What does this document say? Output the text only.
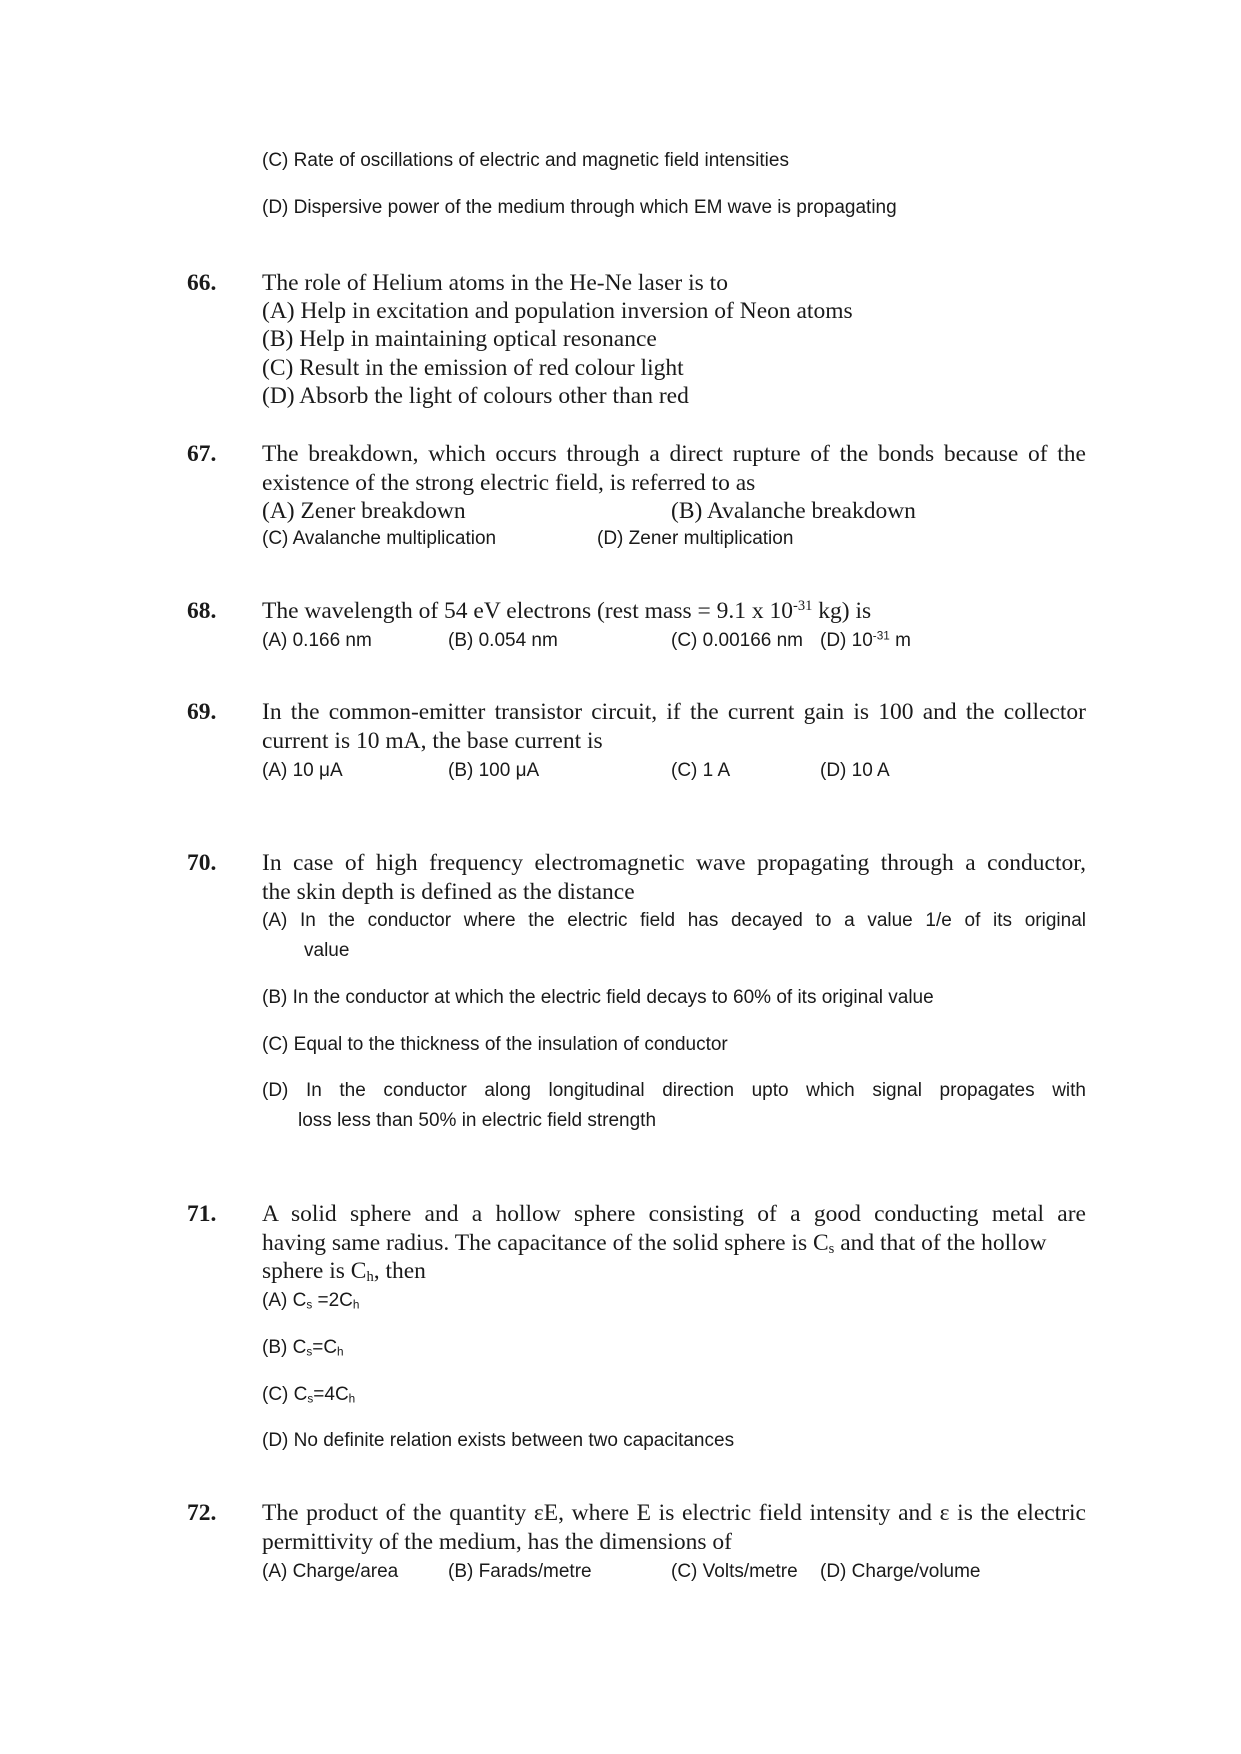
(C) Rate of oscillations of electric and magnetic field intensities
(D) Dispersive power of the medium through which EM wave is propagating
66. The role of Helium atoms in the He-Ne laser is to
(A) Help in excitation and population inversion of Neon atoms
(B) Help in maintaining optical resonance
(C) Result in the emission of red colour light
(D) Absorb the light of colours other than red
67. The breakdown, which occurs through a direct rupture of the bonds because of the
existence of the strong electric field, is referred to as
(A) Zener breakdown	(B) Avalanche breakdown
(C) Avalanche multiplication	(D) Zener multiplication
68. The wavelength of 54 eV electrons (rest mass = 9.1 x $10^{-31}$ kg) is
(A) 0.166 nm	(B) 0.054 nm	(C) 0.00166 nm (D) $10^{-31}$ m
69. In the common-emitter transistor circuit, if the current gain is 100 and the collector
current is 10 mA, the base current is
(A) 10 μA	(B) 100 μA	(C) 1 A	(D) 10 A
70. In case of high frequency electromagnetic wave propagating through a conductor,
the skin depth is defined as the distance
(A) In the conductor where the electric field has decayed to a value 1/e of its original
value
(B) In the conductor at which the electric field decays to 60% of its original value
(C) Equal to the thickness of the insulation of conductor
(D) In the conductor along longitudinal direction upto which signal propagates with
loss less than 50% in electric field strength
71. A solid sphere and a hollow sphere consisting of a good conducting metal are
having same radius. The capacitance of the solid sphere is $C_s$ and that of the hollow
sphere is $C_h$, then
(A) $C_s =2C_h$
(B) $C_s=C_h$
(C) $C_s=4C_h$
(D) No definite relation exists between two capacitances
72. The product of the quantity εE, where E is electric field intensity and ε is the electric
permittivity of the medium, has the dimensions of
(A) Charge/area	(B) Farads/metre	(C) Volts/metre (D) Charge/volume
